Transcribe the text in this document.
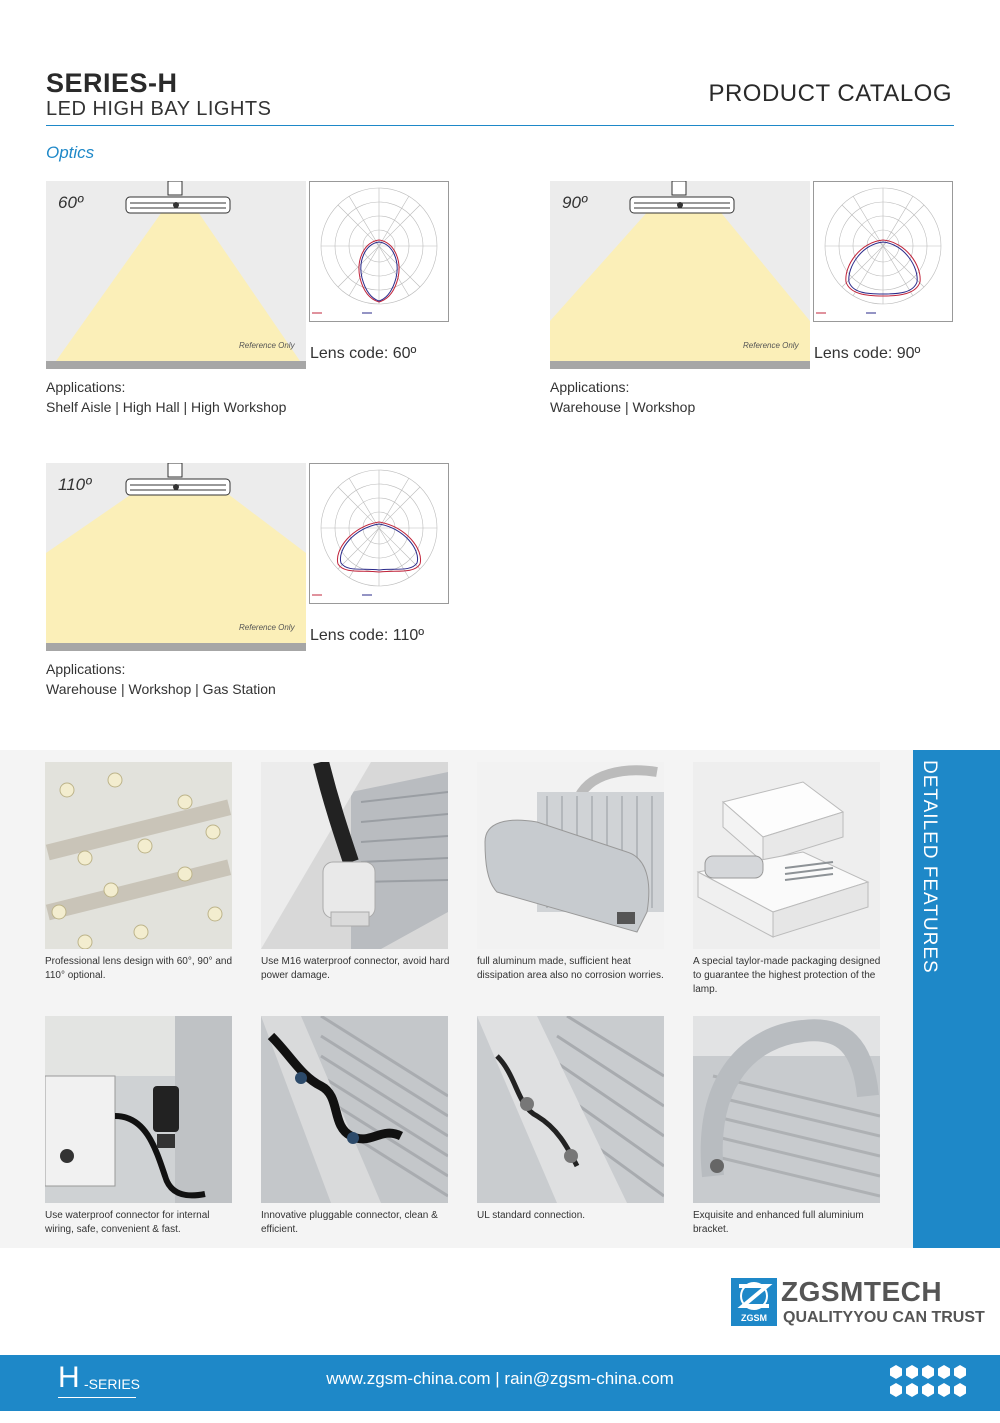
SERIES-H
LED HIGH BAY LIGHTS
PRODUCT CATALOG
Optics
60º
Reference Only Lens code: 60º
Applications:
Shelf Aisle | High Hall | High Workshop
90º
Reference Only Lens code: 90º
Applications:
Warehouse | Workshop
110º
Reference Only Lens code: 110º
Applications:
Warehouse | Workshop | Gas Station
DETAILED FEATURES
Professional lens design with 60°, 90° and 110° optional.
Use M16 waterproof connector, avoid hard power damage.
full aluminum made, sufficient heat dissipation area also no corrosion worries.
A special taylor-made packaging designed to guarantee the highest protection of the lamp.
Use waterproof connector for internal wiring, safe, convenient & fast.
Innovative pluggable connector, clean & efficient.
UL standard connection.	Exquisite and enhanced full aluminium bracket.
ZGSM
ZGSMTECH
QUALITYYOU CAN TRUST
H -SERIES	www.zgsm-china.com | rain@zgsm-china.com
